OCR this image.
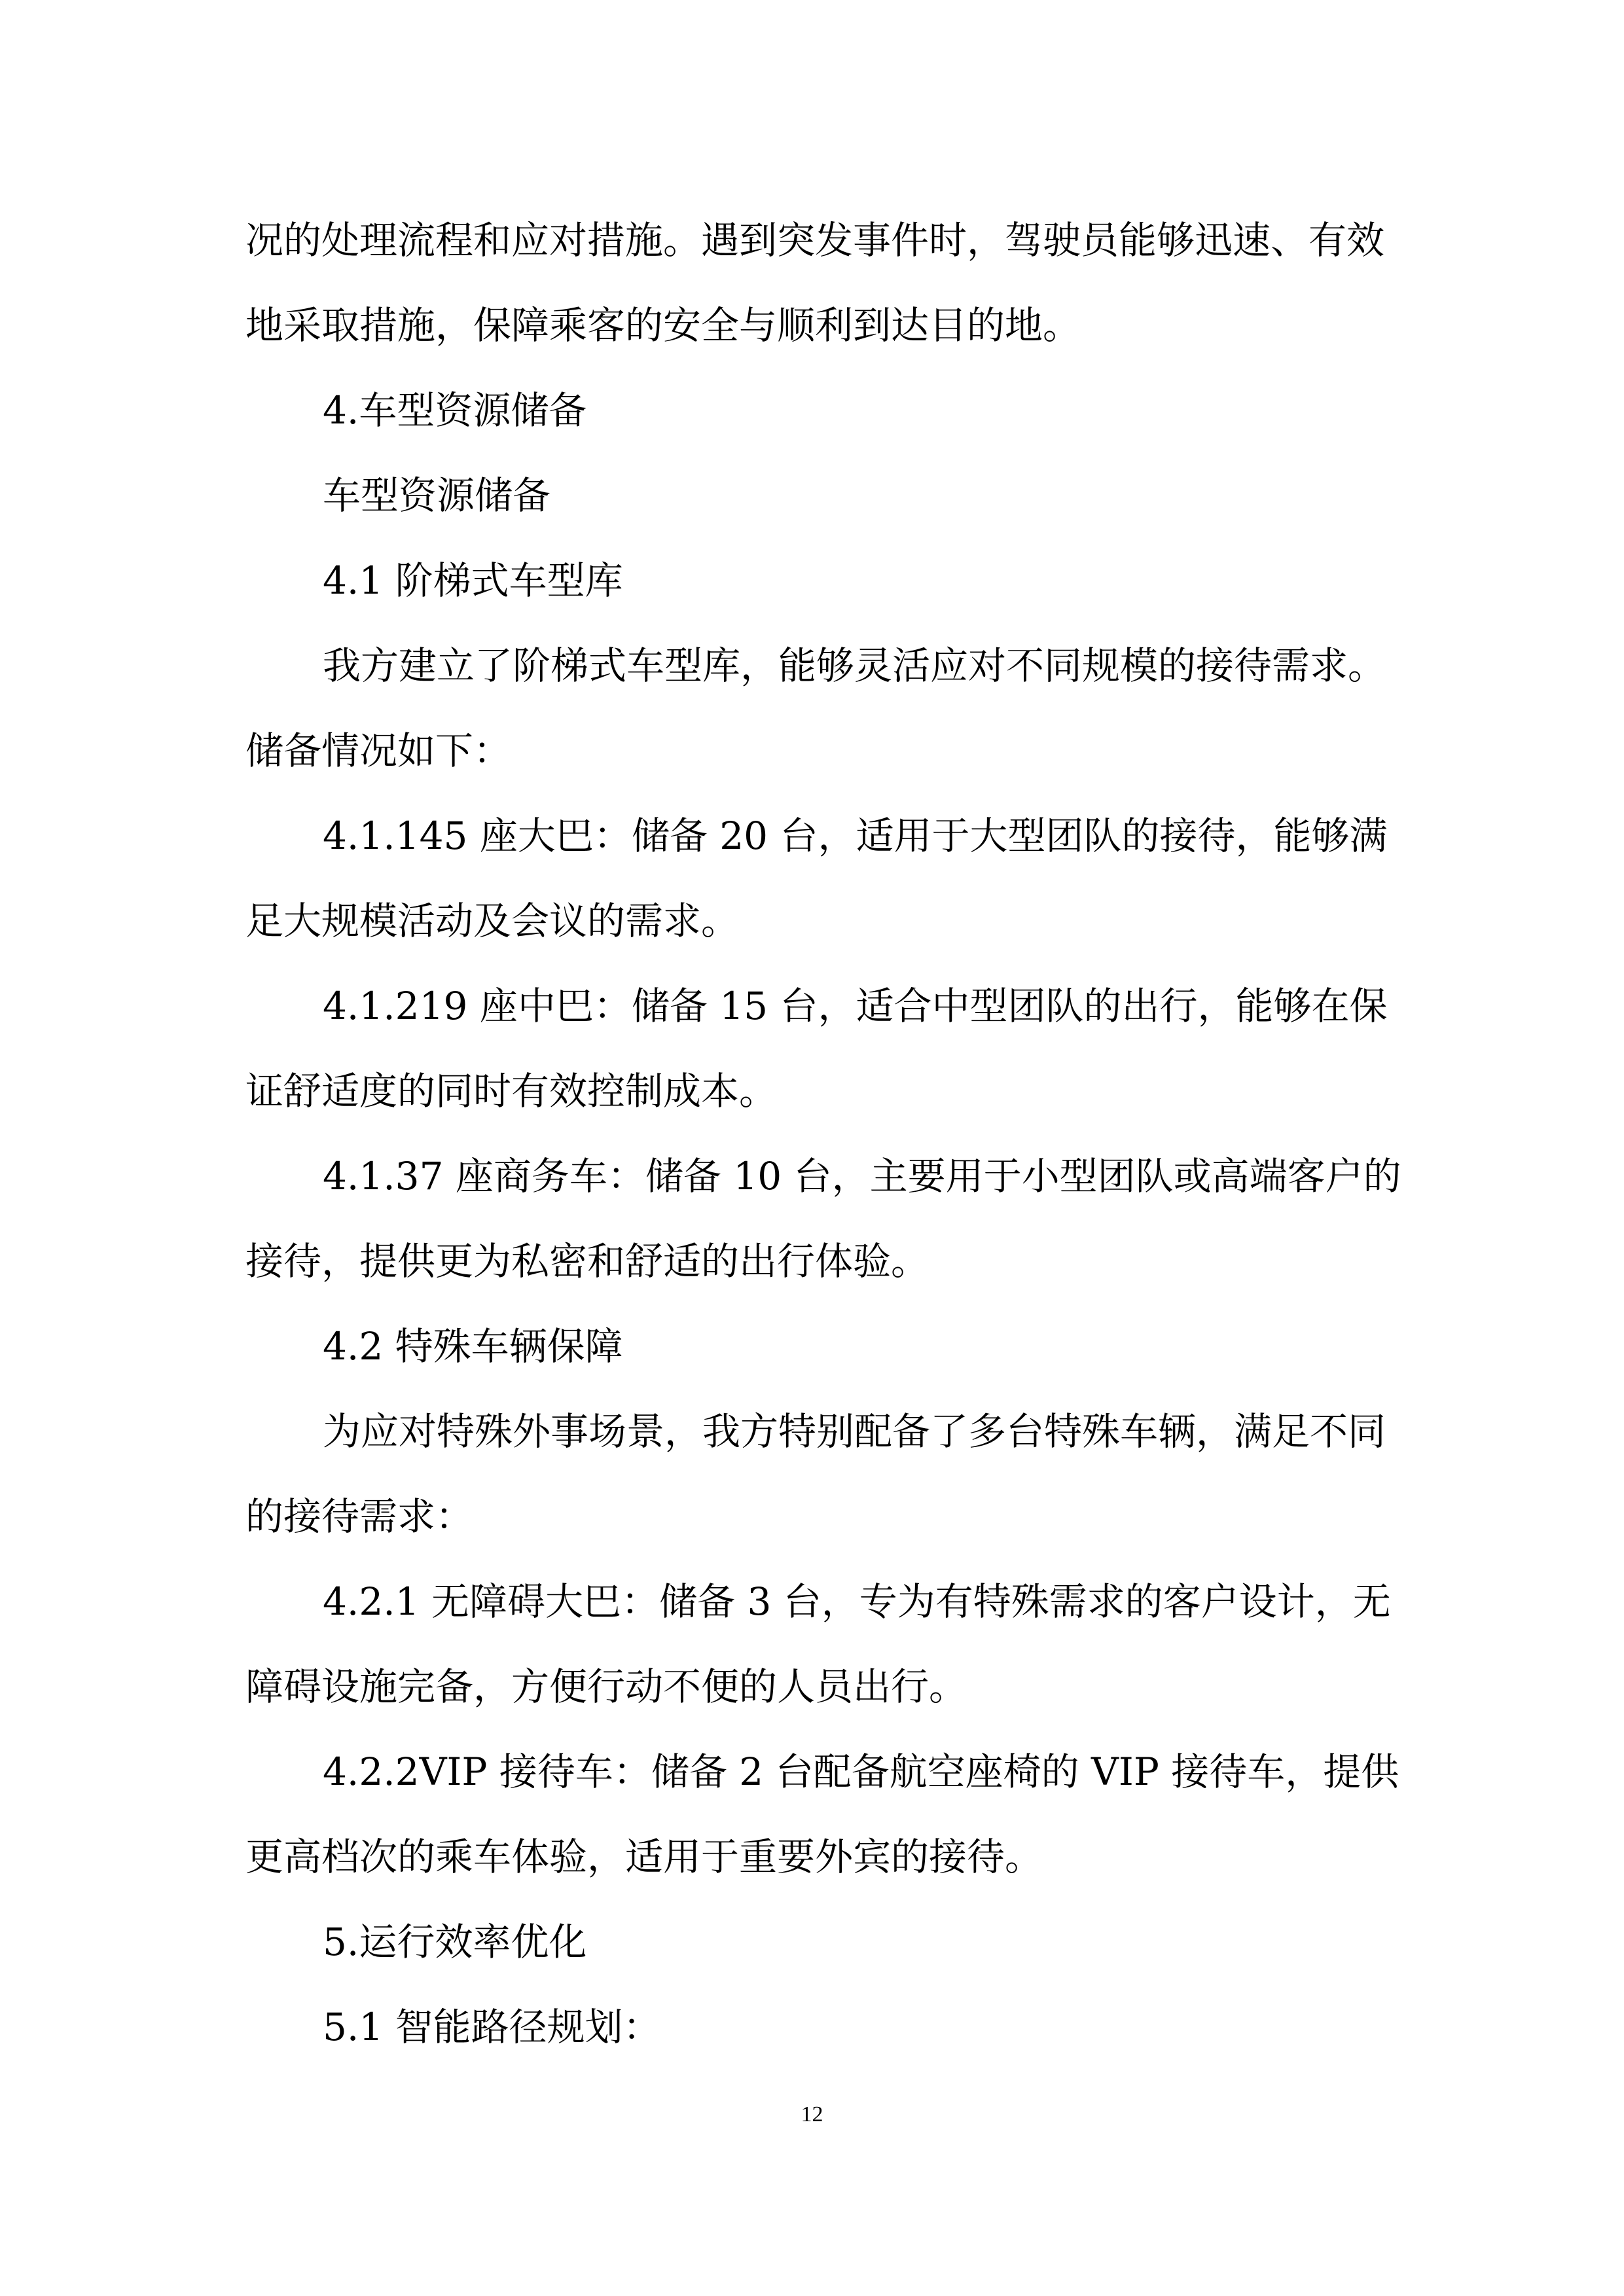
况的处理流程和应对措施。遇到突发事件时，驾驶员能够迅速、有效
地采取措施，保障乘客的安全与顺利到达目的地。
4.车型资源储备
车型资源储备
4.1 阶梯式车型库
我方建立了阶梯式车型库，能够灵活应对不同规模的接待需求。
储备情况如下：
4.1.145 座大巴：储备 20 台，适用于大型团队的接待，能够满
足大规模活动及会议的需求。
4.1.219 座中巴：储备 15 台，适合中型团队的出行，能够在保
证舒适度的同时有效控制成本。
4.1.37 座商务车：储备 10 台，主要用于小型团队或高端客户的
接待，提供更为私密和舒适的出行体验。
4.2 特殊车辆保障
为应对特殊外事场景，我方特别配备了多台特殊车辆，满足不同
的接待需求：
4.2.1 无障碍大巴：储备 3 台，专为有特殊需求的客户设计，无
障碍设施完备，方便行动不便的人员出行。
4.2.2VIP 接待车：储备 2 台配备航空座椅的 VIP 接待车，提供
更高档次的乘车体验，适用于重要外宾的接待。
5.运行效率优化
5.1 智能路径规划：
12
